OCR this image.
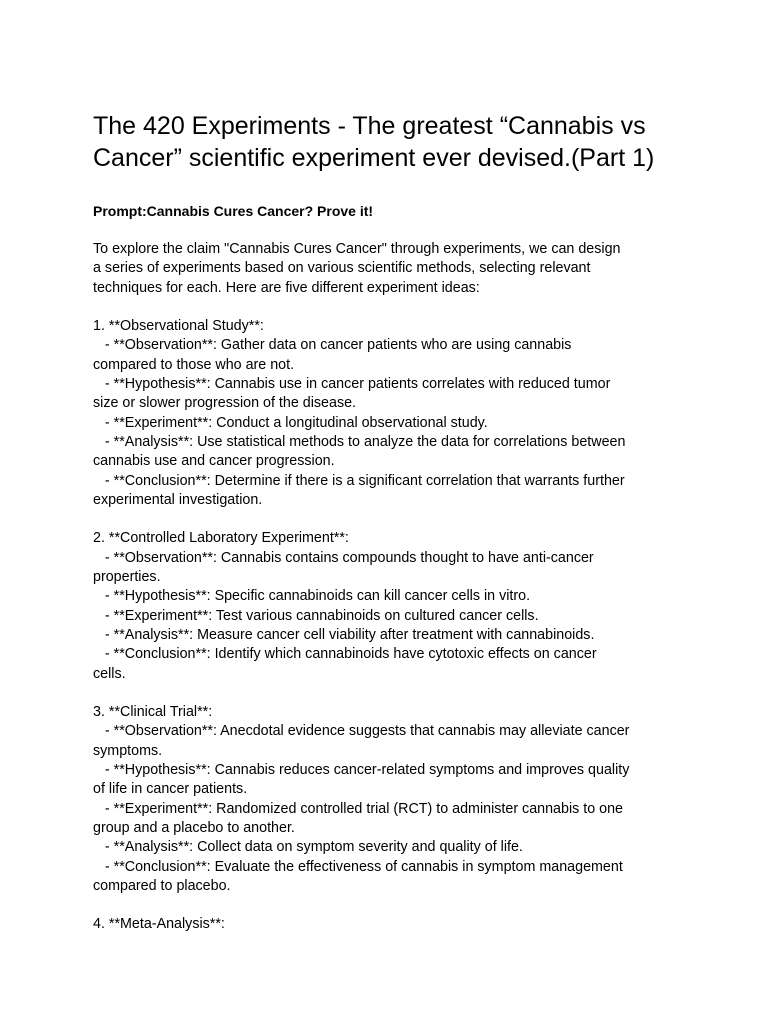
The 420 Experiments - The greatest “Cannabis vs Cancer” scientific experiment ever devised.(Part 1)

Prompt:Cannabis Cures Cancer? Prove it!

To explore the claim "Cannabis Cures Cancer" through experiments, we can design
a series of experiments based on various scientific methods, selecting relevant
techniques for each. Here are five different experiment ideas:
1. **Observational Study**:
- **Observation**: Gather data on cancer patients who are using cannabis
compared to those who are not.
- **Hypothesis**: Cannabis use in cancer patients correlates with reduced tumor
size or slower progression of the disease.
- **Experiment**: Conduct a longitudinal observational study.
- **Analysis**: Use statistical methods to analyze the data for correlations between
cannabis use and cancer progression.
- **Conclusion**: Determine if there is a significant correlation that warrants further
experimental investigation.
2. **Controlled Laboratory Experiment**:
- **Observation**: Cannabis contains compounds thought to have anti-cancer
properties.
- **Hypothesis**: Specific cannabinoids can kill cancer cells in vitro.
- **Experiment**: Test various cannabinoids on cultured cancer cells.
- **Analysis**: Measure cancer cell viability after treatment with cannabinoids.
- **Conclusion**: Identify which cannabinoids have cytotoxic effects on cancer
cells.
3. **Clinical Trial**:
- **Observation**: Anecdotal evidence suggests that cannabis may alleviate cancer
symptoms.
- **Hypothesis**: Cannabis reduces cancer-related symptoms and improves quality
of life in cancer patients.
- **Experiment**: Randomized controlled trial (RCT) to administer cannabis to one
group and a placebo to another.
- **Analysis**: Collect data on symptom severity and quality of life.
- **Conclusion**: Evaluate the effectiveness of cannabis in symptom management
compared to placebo.
4. **Meta-Analysis**:
